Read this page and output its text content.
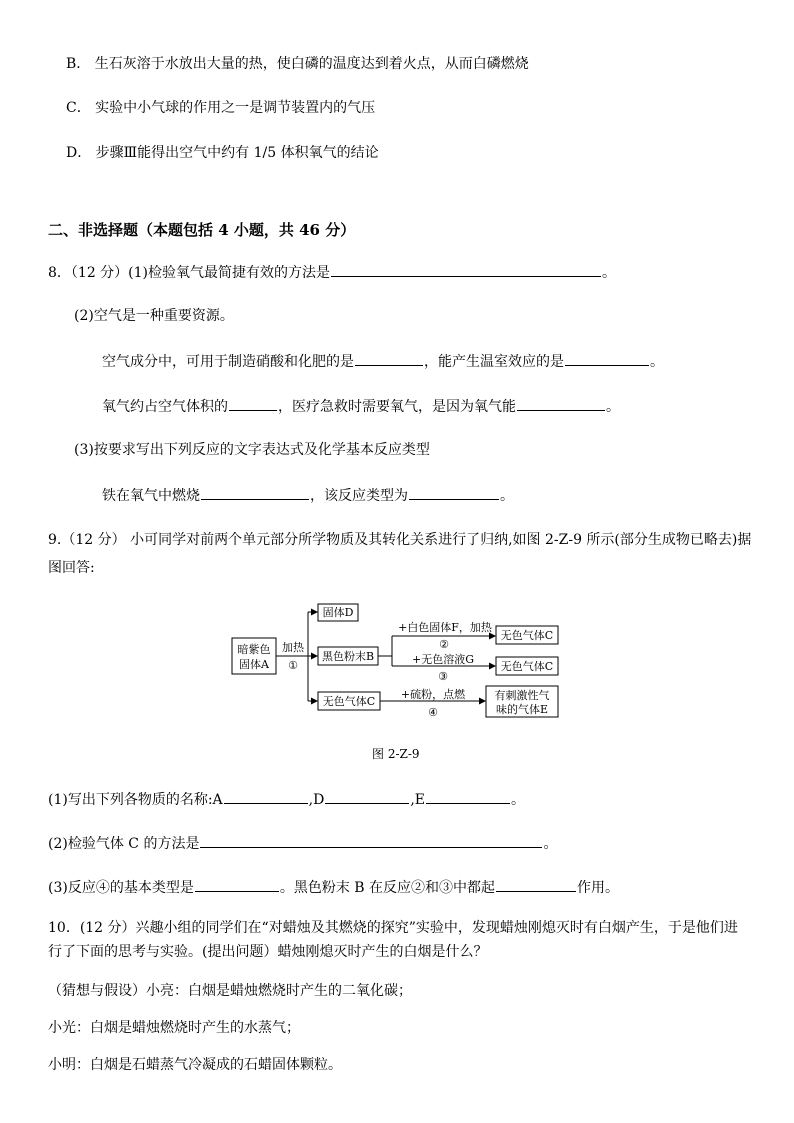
B． 生石灰溶于水放出大量的热，使白磷的温度达到着火点，从而白磷燃烧
C． 实验中小气球的作用之一是调节装置内的气压
D． 步骤Ⅲ能得出空气中约有 1/5 体积氧气的结论
二、非选择题（本题包括 4 小题，共 46 分）
8．（12 分）(1)检验氧气最简捷有效的方法是	。
(2)空气是一种重要资源。
空气成分中，可用于制造硝酸和化肥的是	，能产生温室效应的是	。
氧气约占空气体积的	，医疗急救时需要氧气，是因为氧气能	。
(3)按要求写出下列反应的文字表达式及化学基本反应类型
铁在氧气中燃烧	，该反应类型为	。
9.（12 分） 小可同学对前两个单元部分所学物质及其转化关系进行了归纳,如图 2-Z-9 所示(部分生成物已略去)据
图回答:
暗紫色
固体A
加热
①
固体D
黑色粉末B
无色气体C
无色气体C
无色气体C
有刺激性气
味的气体E
+白色固体F，加热
②
+无色溶液G
③
+硫粉，点燃
④
图 2-Z-9
(1)写出下列各物质的名称:A	,D	,E	。
(2)检验气体 C 的方法是	。
(3)反应④的基本类型是	。黑色粉末 B 在反应②和③中都起	作用。
10．(12 分）兴趣小组的同学们在“对蜡烛及其燃烧的探究”实验中，发现蜡烛刚熄灭时有白烟产生，于是他们进
行了下面的思考与实验。(提出问题）蜡烛刚熄灭时产生的白烟是什么？
（猜想与假设）小亮：白烟是蜡烛燃烧时产生的二氧化碳；
小光：白烟是蜡烛燃烧时产生的水蒸气；
小明：白烟是石蜡蒸气冷凝成的石蜡固体颗粒。
